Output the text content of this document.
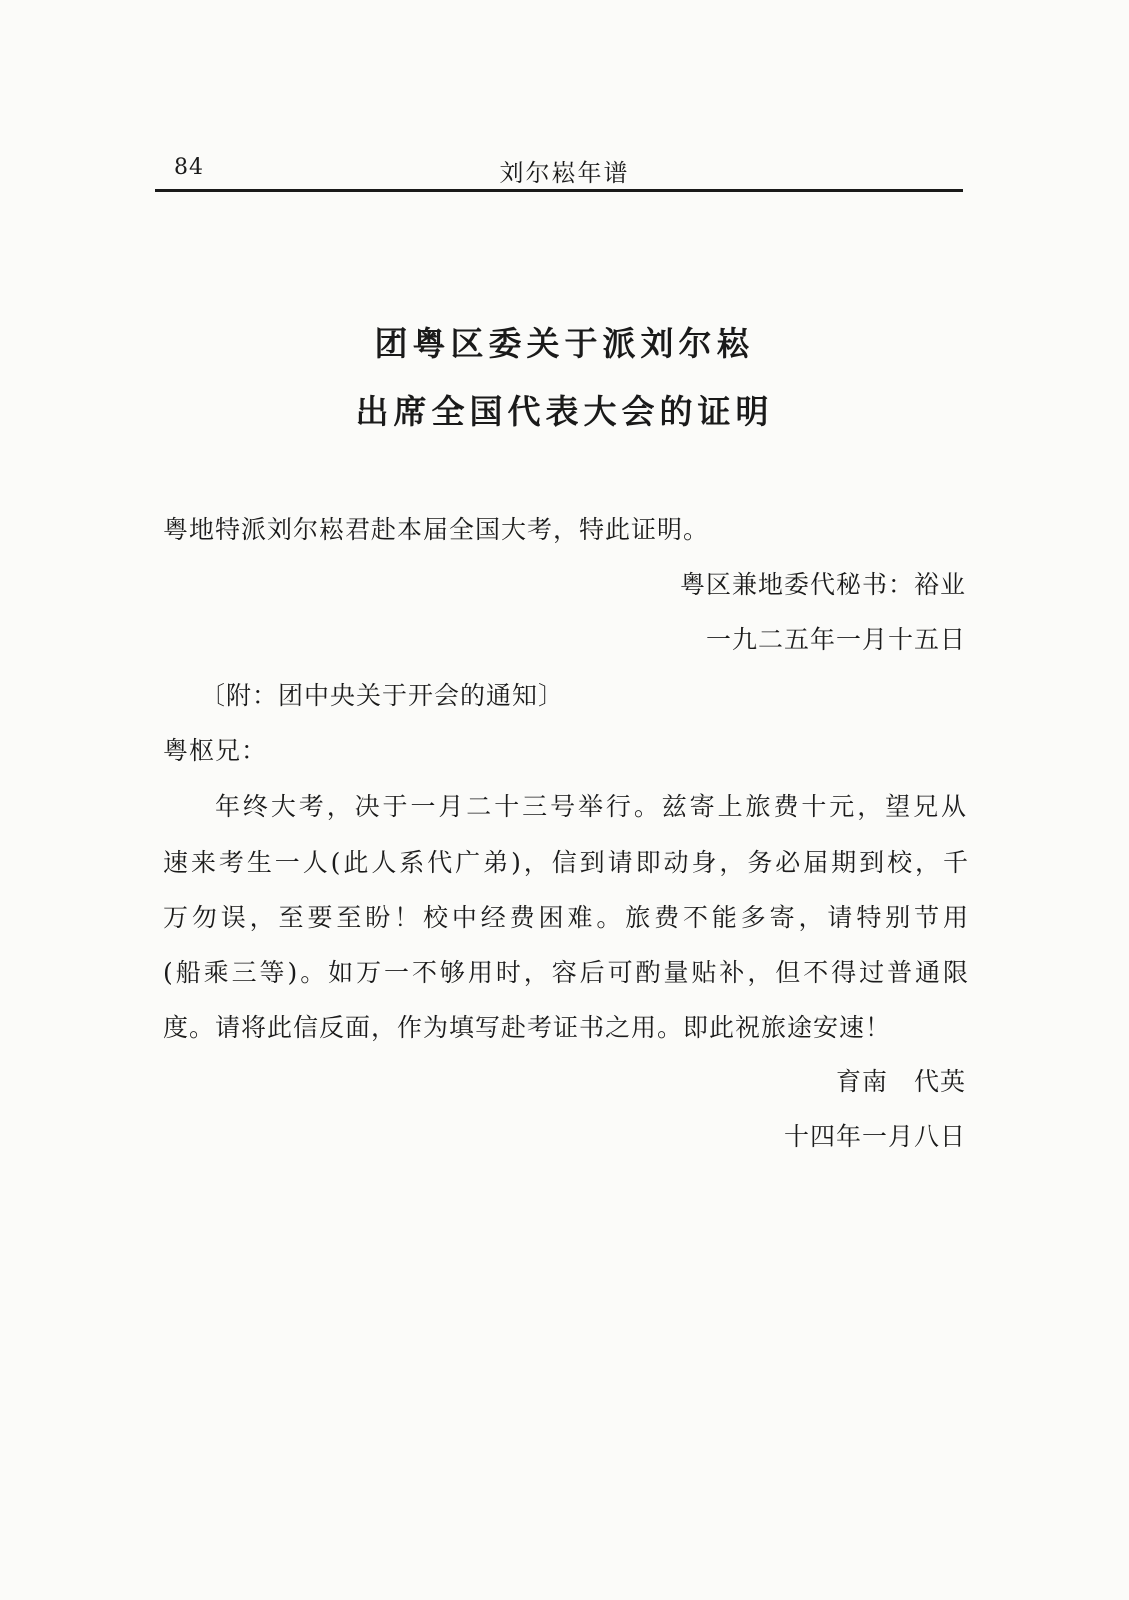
84	刘尔崧年谱
团粤区委关于派刘尔崧
出席全国代表大会的证明
粤地特派刘尔崧君赴本届全国大考，特此证明。
粤区兼地委代秘书：裕业
一九二五年一月十五日
〔附：团中央关于开会的通知〕
粤枢兄：
年终大考，决于一月二十三号举行。兹寄上旅费十元，望兄从
速来考生一人(此人系代广弟)，信到请即动身，务必届期到校，千
万勿误，至要至盼！校中经费困难。旅费不能多寄，请特别节用
(船乘三等)。如万一不够用时，容后可酌量贴补，但不得过普通限
度。请将此信反面，作为填写赴考证书之用。即此祝旅途安速！
育南　代英
十四年一月八日
